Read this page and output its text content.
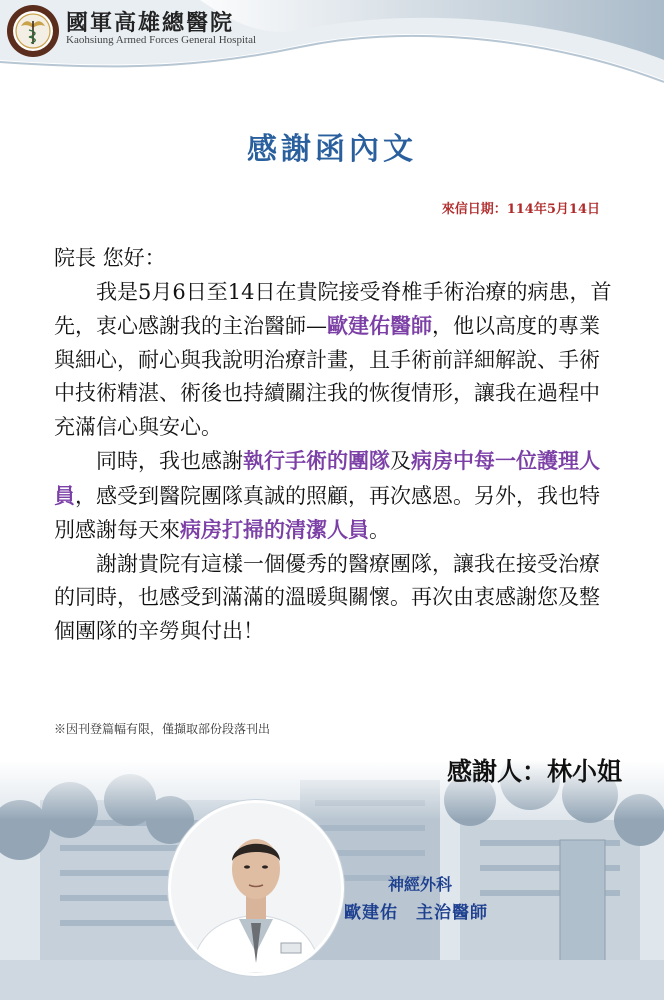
國軍高雄總醫院
Kaohsiung Armed Forces General Hospital
感謝函內文
來信日期：114年5月14日

院長 您好：

我是5月6日至14日在貴院接受脊椎手術治療的病患，首先，衷心感謝我的主治醫師—歐建佑醫師，他以高度的專業與細心，耐心與我說明治療計畫，且手術前詳細解說、手術中技術精湛、術後也持續關注我的恢復情形，讓我在過程中充滿信心與安心。

同時，我也感謝執行手術的團隊及病房中每一位護理人員，感受到醫院團隊真誠的照顧，再次感恩。另外，我也特別感謝每天來病房打掃的清潔人員。

謝謝貴院有這樣一個優秀的醫療團隊，讓我在接受治療的同時，也感受到滿滿的溫暖與關懷。再次由衷感謝您及整個團隊的辛勞與付出！

※因刊登篇幅有限，僅擷取部份段落刊出
感謝人：林小姐
神經外科
歐建佑　主治醫師
